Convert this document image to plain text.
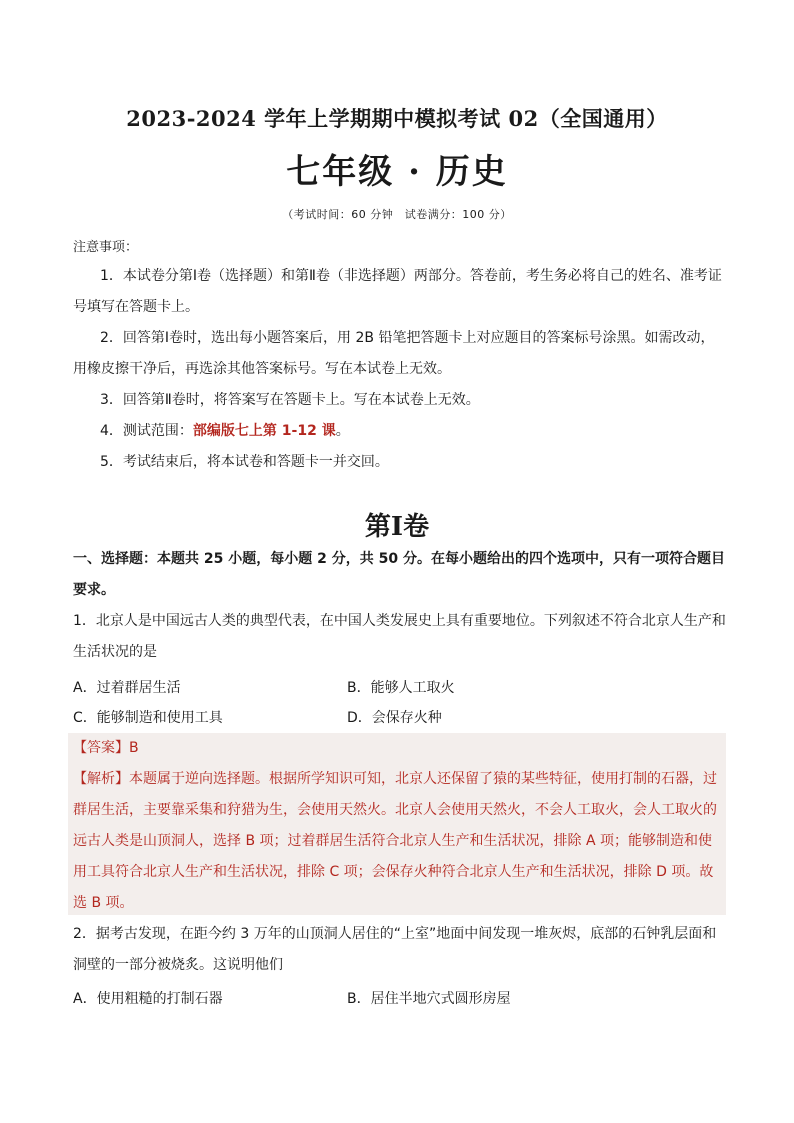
2023-2024 学年上学期期中模拟考试 02（全国通用）
七年级 · 历史
（考试时间：60 分钟　试卷满分：100 分）
注意事项：
1．本试卷分第Ⅰ卷（选择题）和第Ⅱ卷（非选择题）两部分。答卷前，考生务必将自己的姓名、准考证号填写在答题卡上。
2．回答第Ⅰ卷时，选出每小题答案后，用 2B 铅笔把答题卡上对应题目的答案标号涂黑。如需改动，用橡皮擦干净后，再选涂其他答案标号。写在本试卷上无效。
3．回答第Ⅱ卷时，将答案写在答题卡上。写在本试卷上无效。
4．测试范围：部编版七上第 1-12 课。
5．考试结束后，将本试卷和答题卡一并交回。
第Ⅰ卷
一、选择题：本题共 25 小题，每小题 2 分，共 50 分。在每小题给出的四个选项中，只有一项符合题目要求。
1．北京人是中国远古人类的典型代表，在中国人类发展史上具有重要地位。下列叙述不符合北京人生产和生活状况的是
A．过着群居生活	B．能够人工取火
C．能够制造和使用工具	D．会保存火种
【答案】B
【解析】本题属于逆向选择题。根据所学知识可知，北京人还保留了猿的某些特征，使用打制的石器，过群居生活，主要靠采集和狩猎为生，会使用天然火。北京人会使用天然火，不会人工取火，会人工取火的远古人类是山顶洞人，选择 B 项；过着群居生活符合北京人生产和生活状况，排除 A 项；能够制造和使用工具符合北京人生产和生活状况，排除 C 项；会保存火种符合北京人生产和生活状况，排除 D 项。故选 B 项。
2．据考古发现，在距今约 3 万年的山顶洞人居住的“上室”地面中间发现一堆灰烬，底部的石钟乳层面和洞壁的一部分被烧炙。这说明他们
A．使用粗糙的打制石器	B．居住半地穴式圆形房屋
